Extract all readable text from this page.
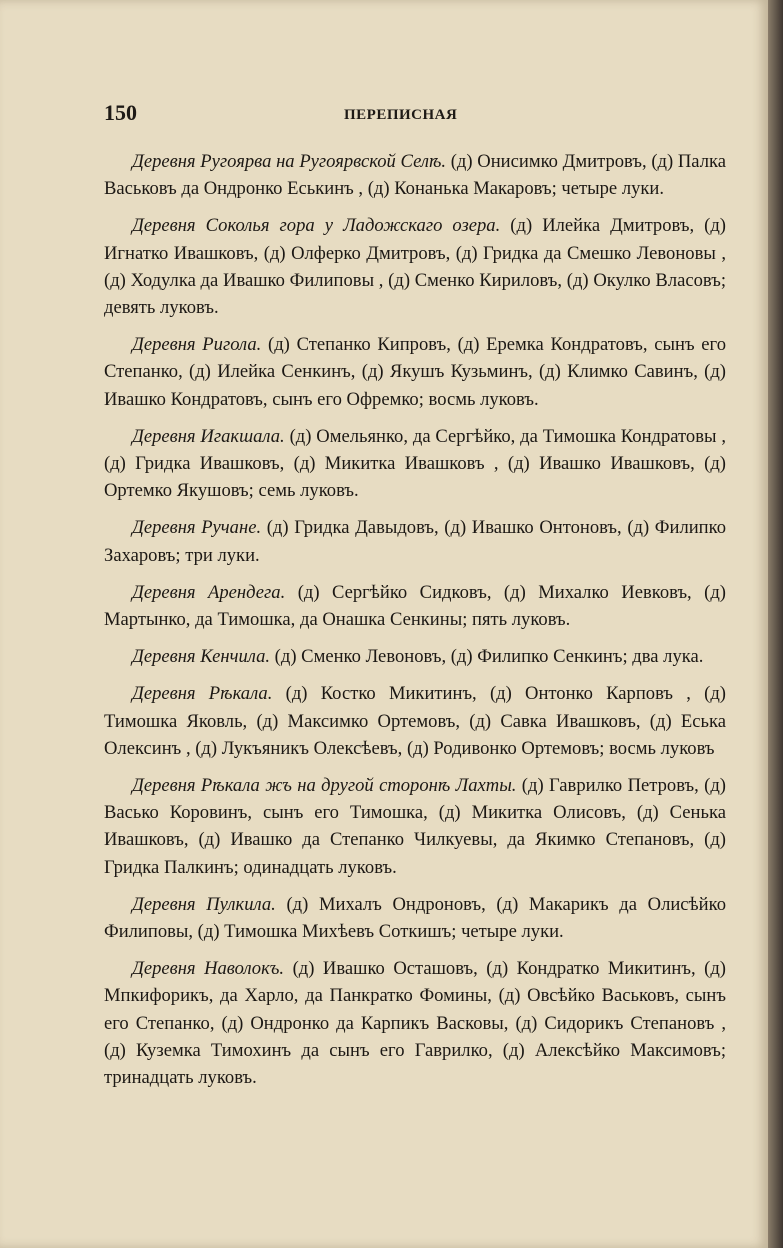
150	ПЕРЕПИСНАЯ

Деревня Ругоярва на Ругоярвской Селѣ. (д) Онисимко Дмитровъ, (д) Палка Васьковъ да Ондронко Еськинъ , (д) Конанька Макаровъ; четыре луки.

Деревня Соколья гора у Ладожскаго озера. (д) Илейка Дмитровъ, (д) Игнатко Ивашковъ, (д) Олферко Дмитровъ, (д) Гридка да Смешко Левоновы , (д) Ходулка да Ивашко Филиповы , (д) Сменко Кириловъ, (д) Окулко Власовъ; девять луковъ.

Деревня Ригола. (д) Степанко Кипровъ, (д) Еремка Кондратовъ, сынъ его Степанко, (д) Илейка Сенкинъ, (д) Якушъ Кузьминъ, (д) Климко Савинъ, (д) Ивашко Кондратовъ, сынъ его Офремко; восмь луковъ.

Деревня Игакшала. (д) Омельянко, да Сергѣйко, да Тимошка Кондратовы , (д) Гридка Ивашковъ, (д) Микитка Ивашковъ , (д) Ивашко Ивашковъ, (д) Ортемко Якушовъ; семь луковъ.

Деревня Ручане. (д) Гридка Давыдовъ, (д) Ивашко Онтоновъ, (д) Филипко Захаровъ; три луки.

Деревня Арендега. (д) Сергѣйко Сидковъ, (д) Михалко Иевковъ, (д) Мартынко, да Тимошка, да Онашка Сенкины; пять луковъ.

Деревня Кенчила. (д) Сменко Левоновъ, (д) Филипко Сенкинъ; два лука.

Деревня Рѣкала. (д) Костко Микитинъ, (д) Онтонко Карповъ , (д) Тимошка Яковль, (д) Максимко Ортемовъ, (д) Савка Ивашковъ, (д) Еська Олексинъ , (д) Лукъяникъ Олексѣевъ, (д) Родивонко Ортемовъ; восмь луковъ

Деревня Рѣкала жъ на другой сторонѣ Лахты. (д) Гаврилко Петровъ, (д) Васько Коровинъ, сынъ его Тимошка, (д) Микитка Олисовъ, (д) Сенька Ивашковъ, (д) Ивашко да Степанко Чилкуевы, да Якимко Степановъ, (д) Гридка Палкинъ; одинадцать луковъ.

Деревня Пулкила. (д) Михалъ Ондроновъ, (д) Макарикъ да Олисѣйко Филиповы, (д) Тимошка Михѣевъ Соткишъ; четыре луки.

Деревня Наволокъ. (д) Ивашко Осташовъ, (д) Кондратко Микитинъ, (д) Мпкифорикъ, да Харло, да Панкратко Фомины, (д) Овсѣйко Васьковъ, сынъ его Степанко, (д) Ондронко да Карпикъ Васковы, (д) Сидорикъ Степановъ , (д) Куземка Тимохинъ да сынъ его Гаврилко, (д) Алексѣйко Максимовъ; тринадцать луковъ.
